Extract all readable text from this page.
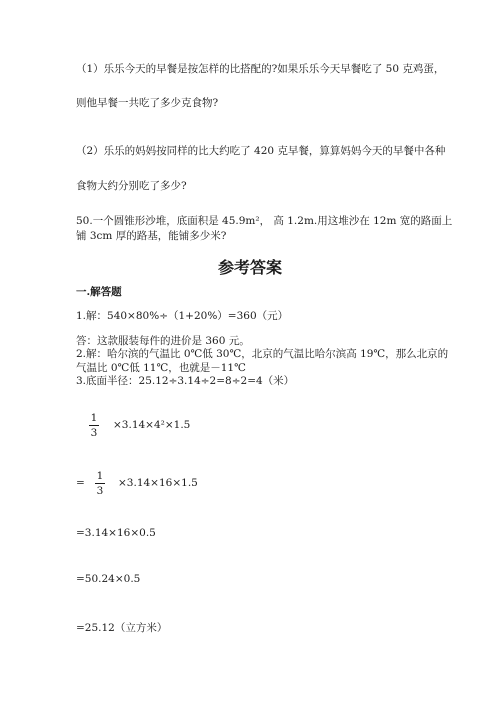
（1）乐乐今天的早餐是按怎样的比搭配的?如果乐乐今天早餐吃了 50 克鸡蛋，
则他早餐一共吃了多少克食物?
（2）乐乐的妈妈按同样的比大约吃了 420 克早餐，算算妈妈今天的早餐中各种
食物大约分别吃了多少?
50.一个圆锥形沙堆，底面积是 45.9m²， 高 1.2m.用这堆沙在 12m 宽的路面上
铺 3cm 厚的路基，能铺多少米?
参考答案
一.解答题
1.解：540×80%÷（1+20%）=360（元）
答：这款服装每件的进价是 360 元。
2.解：哈尔滨的气温比 0℃低 30℃，北京的气温比哈尔滨高 19℃，那么北京的
气温比 0℃低 11℃，也就是－11℃
3.底面半径：25.12÷3.14÷2=8÷2=4（米）
1
3
×3.14×4²×1.5
=
1
3
×3.14×16×1.5
=3.14×16×0.5
=50.24×0.5
=25.12（立方米）
